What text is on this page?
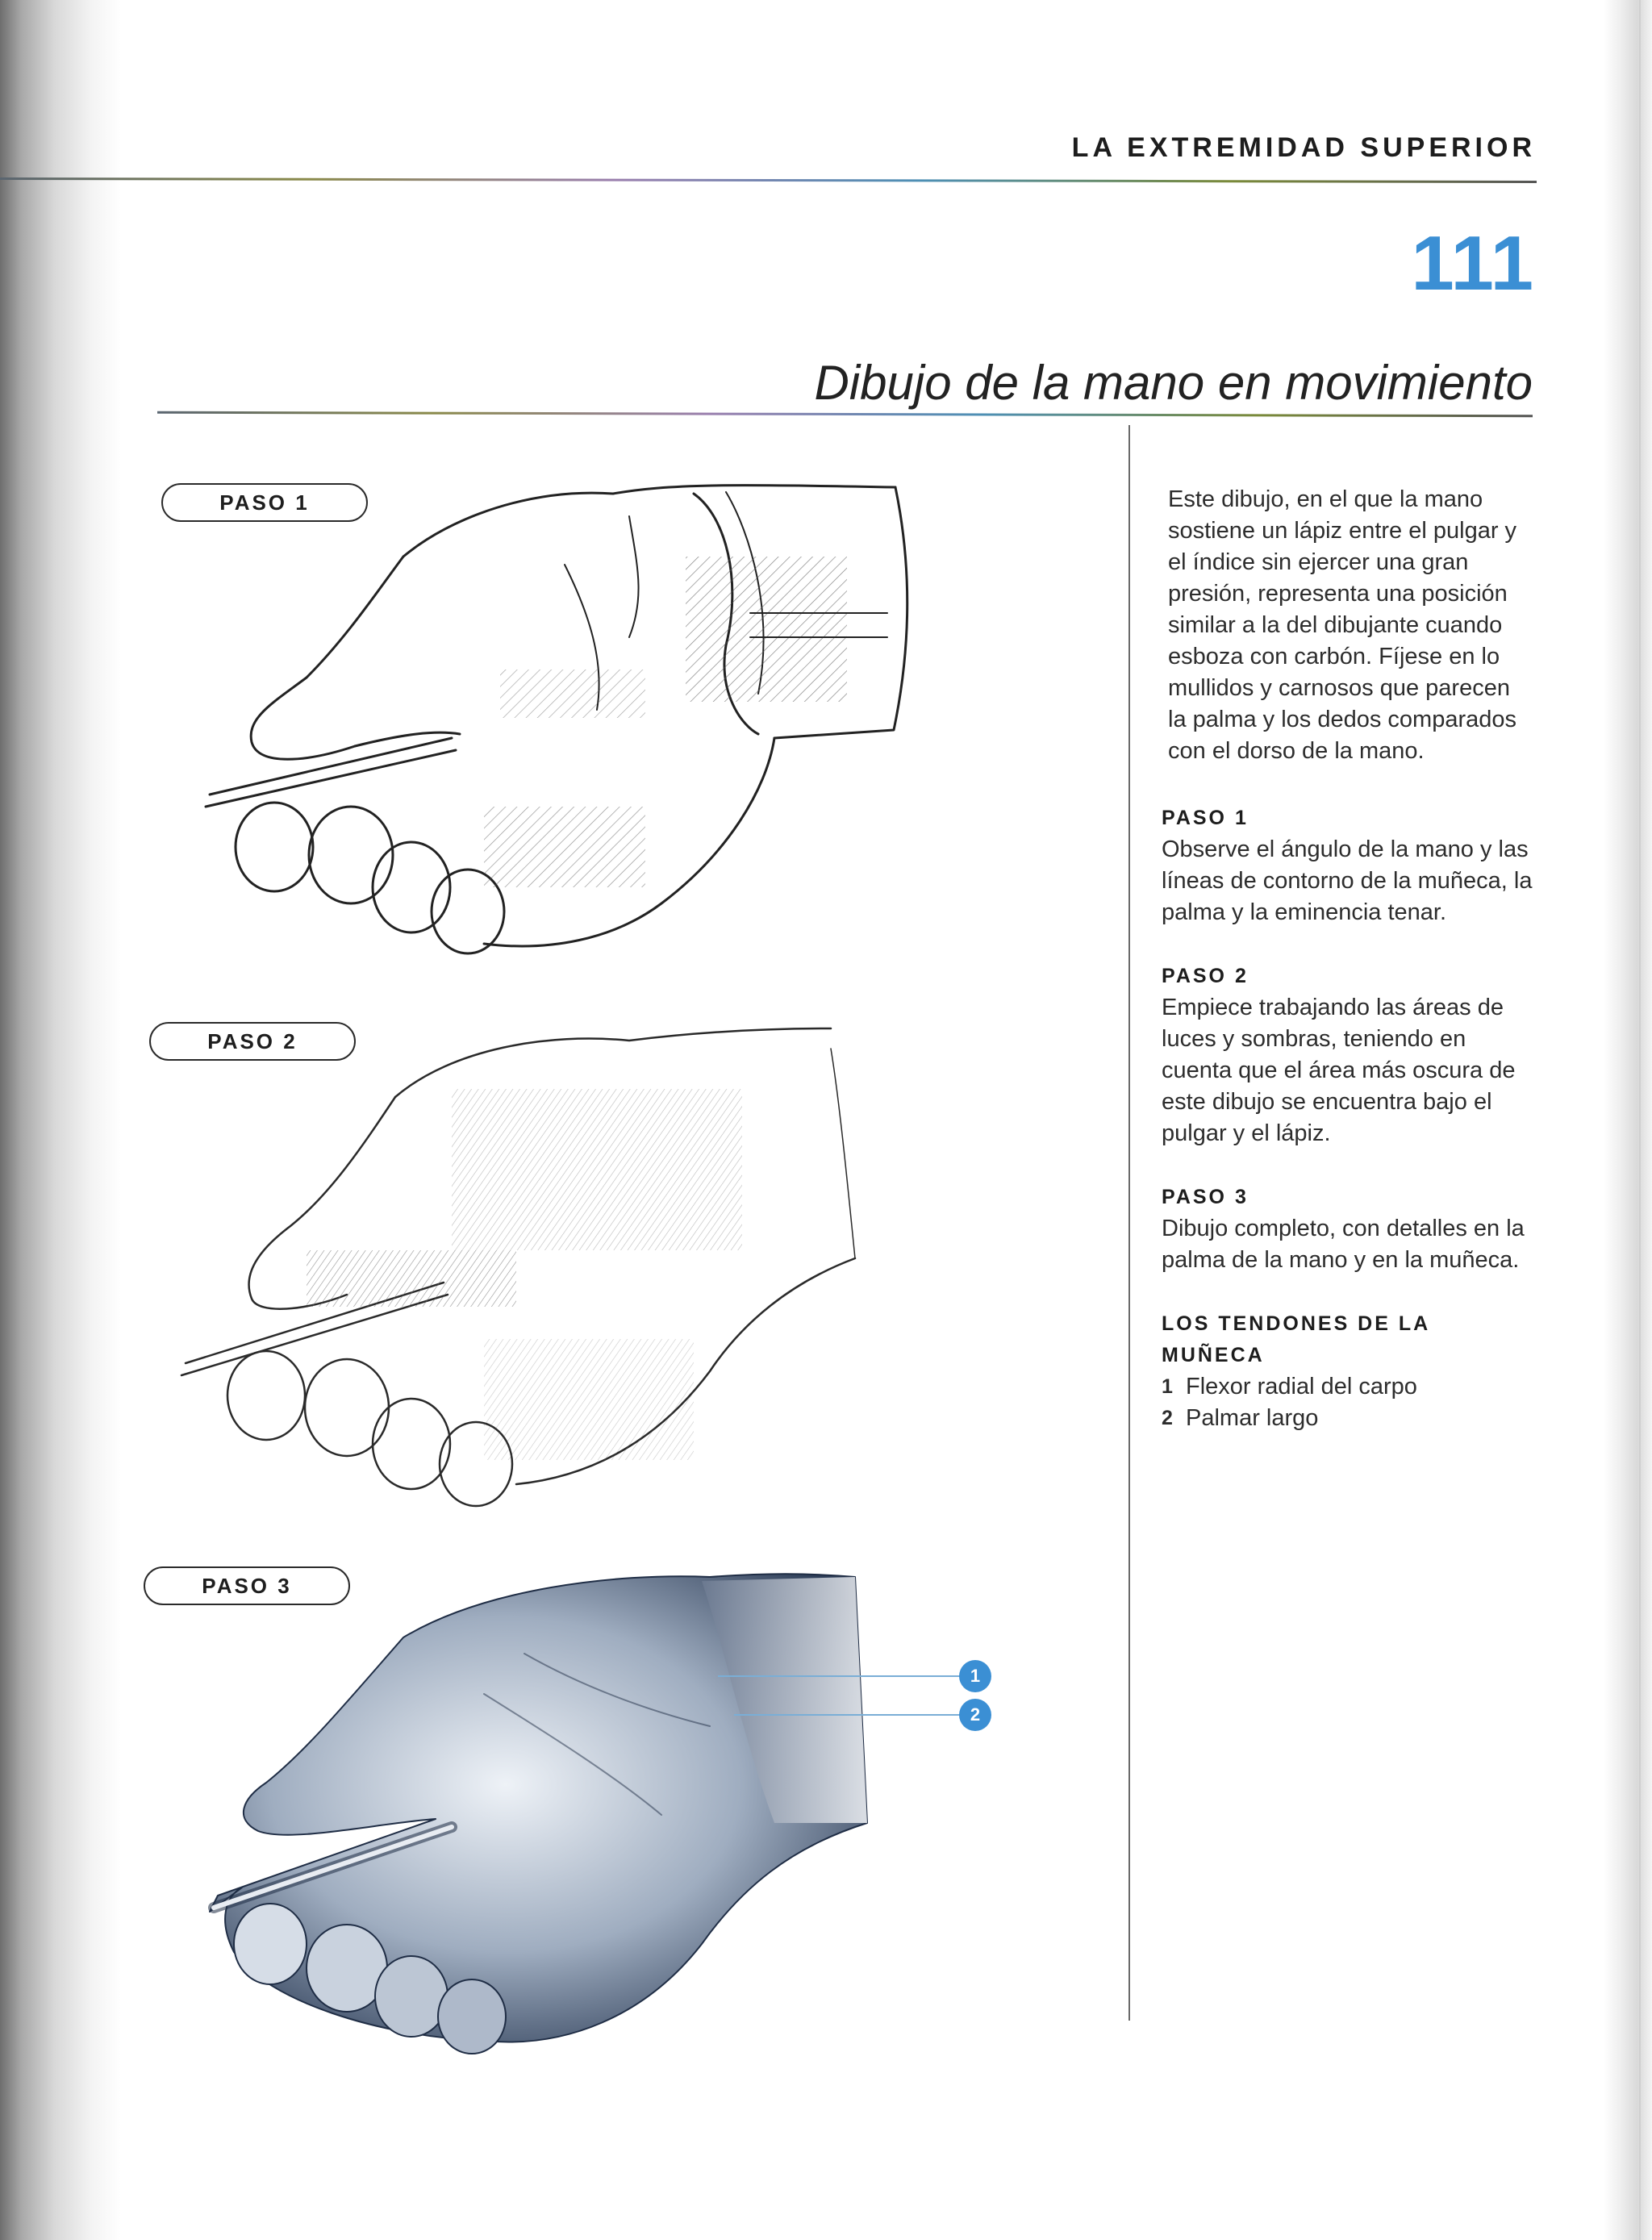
LA EXTREMIDAD SUPERIOR
111
Dibujo de la mano en movimiento
PASO 1
PASO 2
PASO 3
1
2

Este dibujo, en el que la mano sostiene un lápiz entre el pulgar y el índice sin ejercer una gran presión, representa una posición similar a la del dibujante cuando esboza con carbón. Fíjese en lo mullidos y carnosos que parecen la palma y los dedos comparados con el dorso de la mano.

PASO 1

Observe el ángulo de la mano y las líneas de contorno de la muñeca, la palma y la eminencia tenar.

PASO 2

Empiece trabajando las áreas de luces y sombras, teniendo en cuenta que el área más oscura de este dibujo se encuentra bajo el pulgar y el lápiz.

PASO 3

Dibujo completo, con detalles en la palma de la mano y en la muñeca.

LOS TENDONES DE LA MUÑECA
1 Flexor radial del carpo
2 Palmar largo
